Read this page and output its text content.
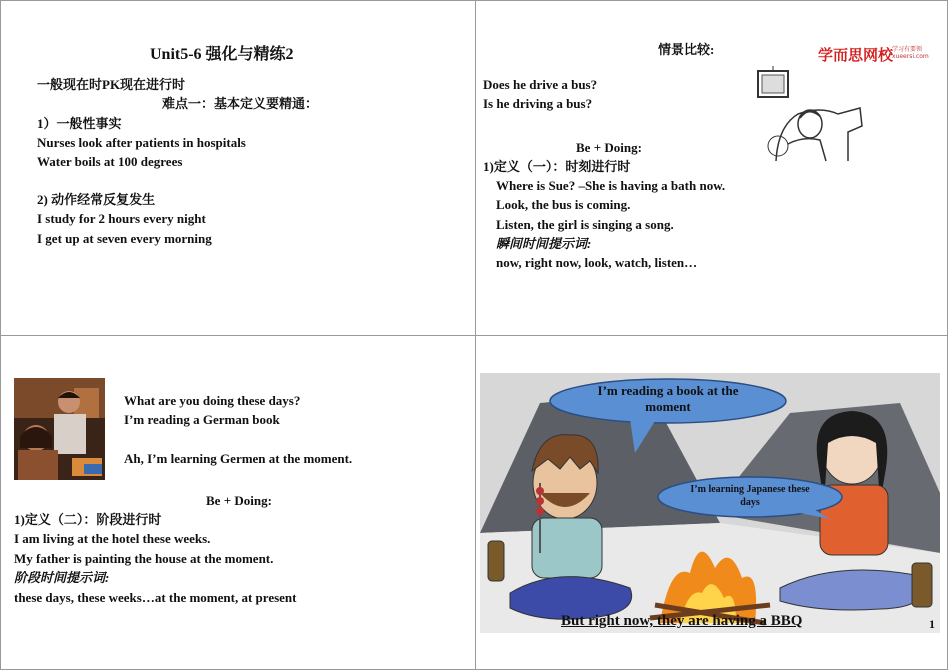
Unit5-6 强化与精练2
一般现在时PK现在进行时
难点一：基本定义要精通：
1）一般性事实
Nurses look after patients in hospitals
Water boils at 100 degrees
2) 动作经常反复发生
I study for 2 hours every night
I get up at seven every morning
情景比较:	学而思网校
学习有要领
xueersi.com
Does he drive a bus?
Is he driving a bus?
Be + Doing:
1)定义（一）：时刻进行时
Where is Sue? –She is having a bath now.
Look, the bus is coming.
Listen, the girl is singing a song.
瞬间时间提示词:
now, right now, look, watch, listen…
What are you doing these days?
I’m reading a German book
Ah, I’m learning Germen at the moment.
Be + Doing:
1)定义（二）：阶段进行时
I am living at the hotel these weeks.
My father is painting the house at the moment.
阶段时间提示词:
these days, these weeks…at the moment, at present
I’m reading a book at the moment
I’m learning Japanese these days
But right now, they are having a BBQ	1
